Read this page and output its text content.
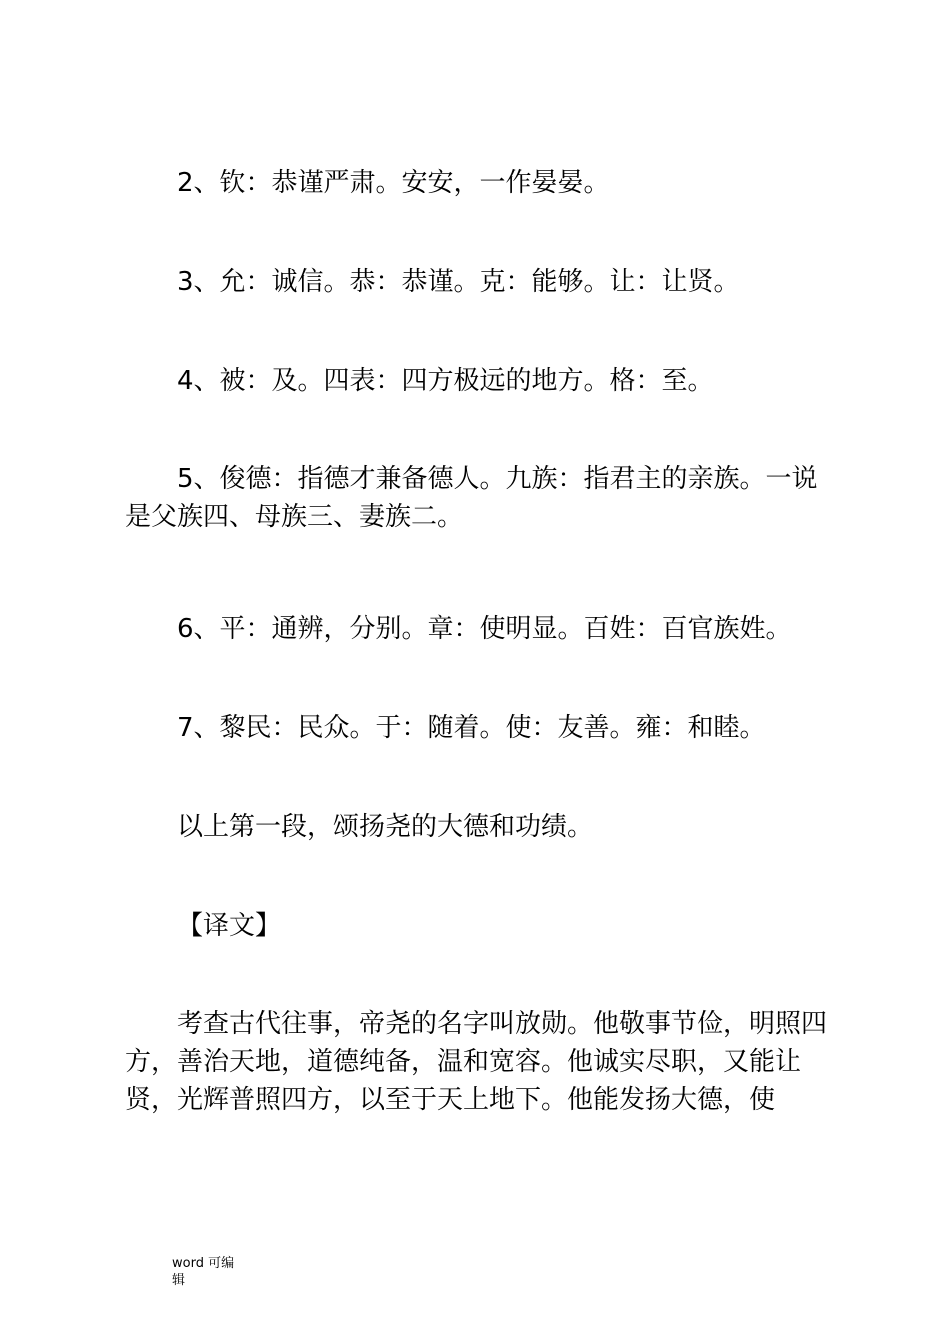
2、钦：恭谨严肃。安安，一作晏晏。

3、允：诚信。恭：恭谨。克：能够。让：让贤。

4、被：及。四表：四方极远的地方。格：至。

5、俊德：指德才兼备德人。九族：指君主的亲族。一说是父族四、母族三、妻族二。

6、平：通辨，分别。章：使明显。百姓：百官族姓。

7、黎民：民众。于：随着。使：友善。雍：和睦。

以上第一段，颂扬尧的大德和功绩。

【译文】

考查古代往事，帝尧的名字叫放勋。他敬事节俭，明照四方，善治天地，道德纯备，温和宽容。他诚实尽职，又能让贤，光辉普照四方，以至于天上地下。他能发扬大德，使

word 可编辑
